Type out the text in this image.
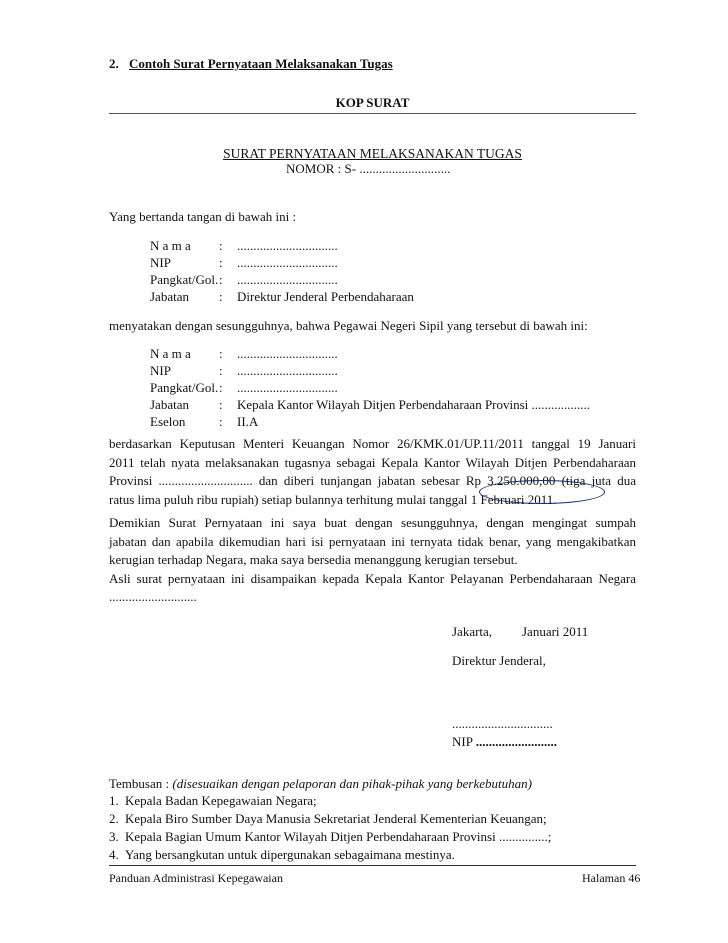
2. Contoh Surat Pernyataan Melaksanakan Tugas
KOP SURAT
SURAT PERNYATAAN MELAKSANAKAN TUGAS
NOMOR : S- ............................
Yang bertanda tangan di bawah ini :
N a m a : ...............................
NIP	: ...............................
Pangkat/Gol. : ...............................
Jabatan : Direktur Jenderal Perbendaharaan
menyatakan dengan sesungguhnya, bahwa Pegawai Negeri Sipil yang tersebut di bawah ini:
N a m a : ...............................
NIP	: ...............................
Pangkat/Gol. : ...............................
Jabatan : Kepala Kantor Wilayah Ditjen Perbendaharaan Provinsi ..................
Eselon	: II.A
berdasarkan Keputusan Menteri Keuangan Nomor 26/KMK.01/UP.11/2011 tanggal 19 Januari
2011 telah nyata melaksanakan tugasnya sebagai Kepala Kantor Wilayah Ditjen Perbendaharaan
Provinsi ............................. dan diberi tunjangan jabatan sebesar Rp 3.250.000,00 (tiga juta dua
ratus lima puluh ribu rupiah) setiap bulannya terhitung mulai tanggal 1 Februari 2011.
Demikian Surat Pernyataan ini saya buat dengan sesungguhnya, dengan mengingat sumpah
jabatan dan apabila dikemudian hari isi pernyataan ini ternyata tidak benar, yang mengakibatkan
kerugian terhadap Negara, maka saya bersedia menanggung kerugian tersebut.
Asli surat pernyataan ini disampaikan kepada Kepala Kantor Pelayanan Perbendaharaan Negara
...........................
Jakarta, Januari 2011
Direktur Jenderal,
...............................
NIP .........................
Tembusan : (disesuaikan dengan pelaporan dan pihak-pihak yang berkebutuhan)
1. Kepala Badan Kepegawaian Negara;
2. Kepala Biro Sumber Daya Manusia Sekretariat Jenderal Kementerian Keuangan;
3. Kepala Bagian Umum Kantor Wilayah Ditjen Perbendaharaan Provinsi ...............;
4. Yang bersangkutan untuk dipergunakan sebagaimana mestinya.
Panduan Administrasi Kepegawaian	Halaman 46
